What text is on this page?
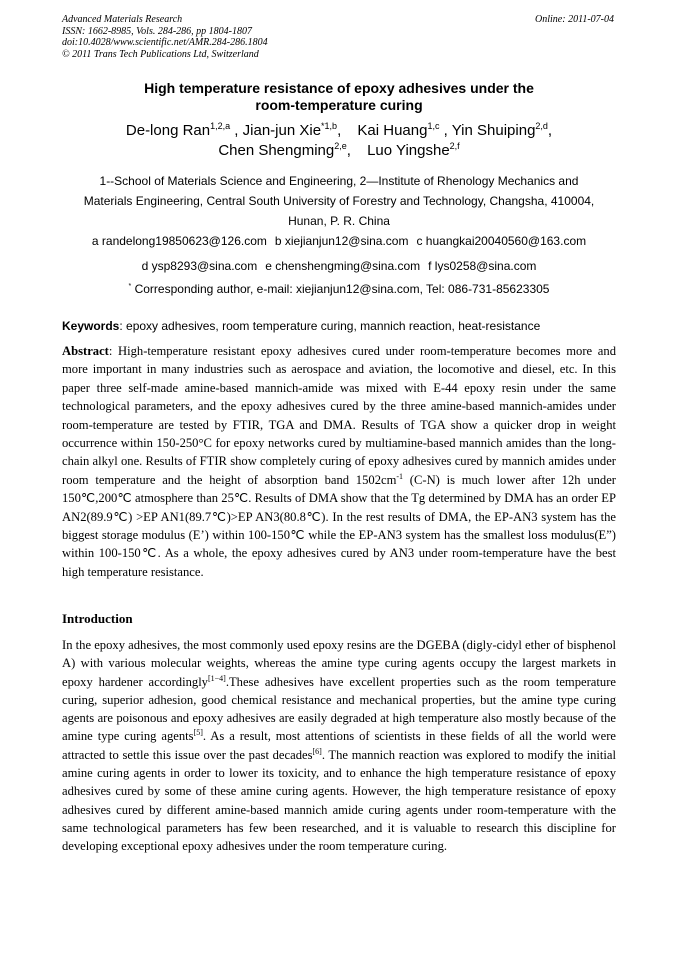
Advanced Materials Research
ISSN: 1662-8985, Vols. 284-286, pp 1804-1807
doi:10.4028/www.scientific.net/AMR.284-286.1804
© 2011 Trans Tech Publications Ltd, Switzerland
Online: 2011-07-04
High temperature resistance of epoxy adhesives under the
room-temperature curing
De-long Ran$^{1,2,a}$ , Jian-jun Xie$^{*1,b}$, Kai Huang$^{1,c}$ , Yin Shuiping$^{2,d}$,
Chen Shengming$^{2,e}$, Luo Yingshe$^{2,f}$
1--School of Materials Science and Engineering, 2—Institute of Rhenology Mechanics and
Materials Engineering, Central South University of Forestry and Technology, Changsha, 410004,
Hunan, P. R. China
a randelong19850623@126.com b xiejianjun12@sina.com c huangkai20040560@163.com
d ysp8293@sina.com e chenshengming@sina.com f lys0258@sina.com
* Corresponding author, e-mail: xiejianjun12@sina.com, Tel: 086-731-85623305
Keywords: epoxy adhesives, room temperature curing, mannich reaction, heat-resistance
Abstract: High-temperature resistant epoxy adhesives cured under room-temperature becomes more and more important in many industries such as aerospace and aviation, the locomotive and diesel, etc. In this paper three self-made amine-based mannich-amide was mixed with E-44 epoxy resin under the same technological parameters, and the epoxy adhesives cured by the three amine-based mannich-amides under room-temperature are tested by FTIR, TGA and DMA. Results of TGA show a quicker drop in weight occurrence within 150-250°C for epoxy networks cured by multiamine-based mannich amides than the long-chain alkyl one. Results of FTIR show completely curing of epoxy adhesives cured by mannich amides under room temperature and the height of absorption band $1502cm^{-1}$ (C-N) is much lower after 12h under 150℃,200℃ atmosphere than 25℃. Results of DMA show that the Tg determined by DMA has an order EP AN2(89.9℃) >EP AN1(89.7℃)>EP AN3(80.8℃). In the rest results of DMA, the EP-AN3 system has the biggest storage modulus (E’) within 100-150℃ while the EP-AN3 system has the smallest loss modulus(E”) within 100-150℃. As a whole, the epoxy adhesives cured by AN3 under room-temperature have the best high temperature resistance.
Introduction
In the epoxy adhesives, the most commonly used epoxy resins are the DGEBA (digly-cidyl ether of bisphenol A) with various molecular weights, whereas the amine type curing agents occupy the largest markets in epoxy hardener accordingly[1−4].These adhesives have excellent properties such as the room temperature curing, superior adhesion, good chemical resistance and mechanical properties, but the amine type curing agents are poisonous and epoxy adhesives are easily degraded at high temperature also mostly because of the amine type curing agents[5]. As a result, most attentions of scientists in these fields of all the world were attracted to settle this issue over the past decades[6]. The mannich reaction was explored to modify the initial amine curing agents in order to lower its toxicity, and to enhance the high temperature resistance of epoxy adhesives cured by some of these amine curing agents. However, the high temperature resistance of epoxy adhesives cured by different amine-based mannich amide curing agents under room-temperature with the same technological parameters has few been researched, and it is valuable to research this discipline for developing exceptional epoxy adhesives under the room temperature curing.
